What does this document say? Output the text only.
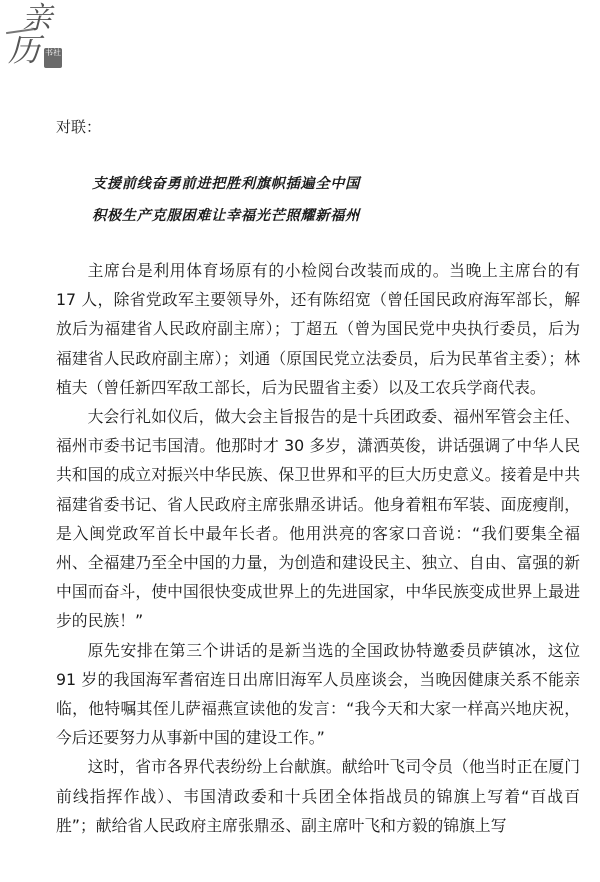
亲
历 书社
对联：
支援前线奋勇前进把胜利旗帜插遍全中国
积极生产克服困难让幸福光芒照耀新福州

主席台是利用体育场原有的小检阅台改装而成的。当晚上主席台的有 17 人，除省党政军主要领导外，还有陈绍宽（曾任国民政府海军部长，解放后为福建省人民政府副主席）；丁超五（曾为国民党中央执行委员，后为福建省人民政府副主席）；刘通（原国民党立法委员，后为民革省主委）；林植夫（曾任新四军敌工部长，后为民盟省主委）以及工农兵学商代表。

大会行礼如仪后，做大会主旨报告的是十兵团政委、福州军管会主任、福州市委书记韦国清。他那时才 30 多岁，潇洒英俊，讲话强调了中华人民共和国的成立对振兴中华民族、保卫世界和平的巨大历史意义。接着是中共福建省委书记、省人民政府主席张鼎丞讲话。他身着粗布军装、面庞瘦削，是入闽党政军首长中最年长者。他用洪亮的客家口音说：“我们要集全福州、全福建乃至全中国的力量，为创造和建设民主、独立、自由、富强的新中国而奋斗，使中国很快变成世界上的先进国家，中华民族变成世界上最进步的民族！”

原先安排在第三个讲话的是新当选的全国政协特邀委员萨镇冰，这位 91 岁的我国海军耆宿连日出席旧海军人员座谈会，当晚因健康关系不能亲临，他特嘱其侄儿萨福燕宣读他的发言：“我今天和大家一样高兴地庆祝，今后还要努力从事新中国的建设工作。”

这时，省市各界代表纷纷上台献旗。献给叶飞司令员（他当时正在厦门前线指挥作战）、韦国清政委和十兵团全体指战员的锦旗上写着“百战百胜”；献给省人民政府主席张鼎丞、副主席叶飞和方毅的锦旗上写
